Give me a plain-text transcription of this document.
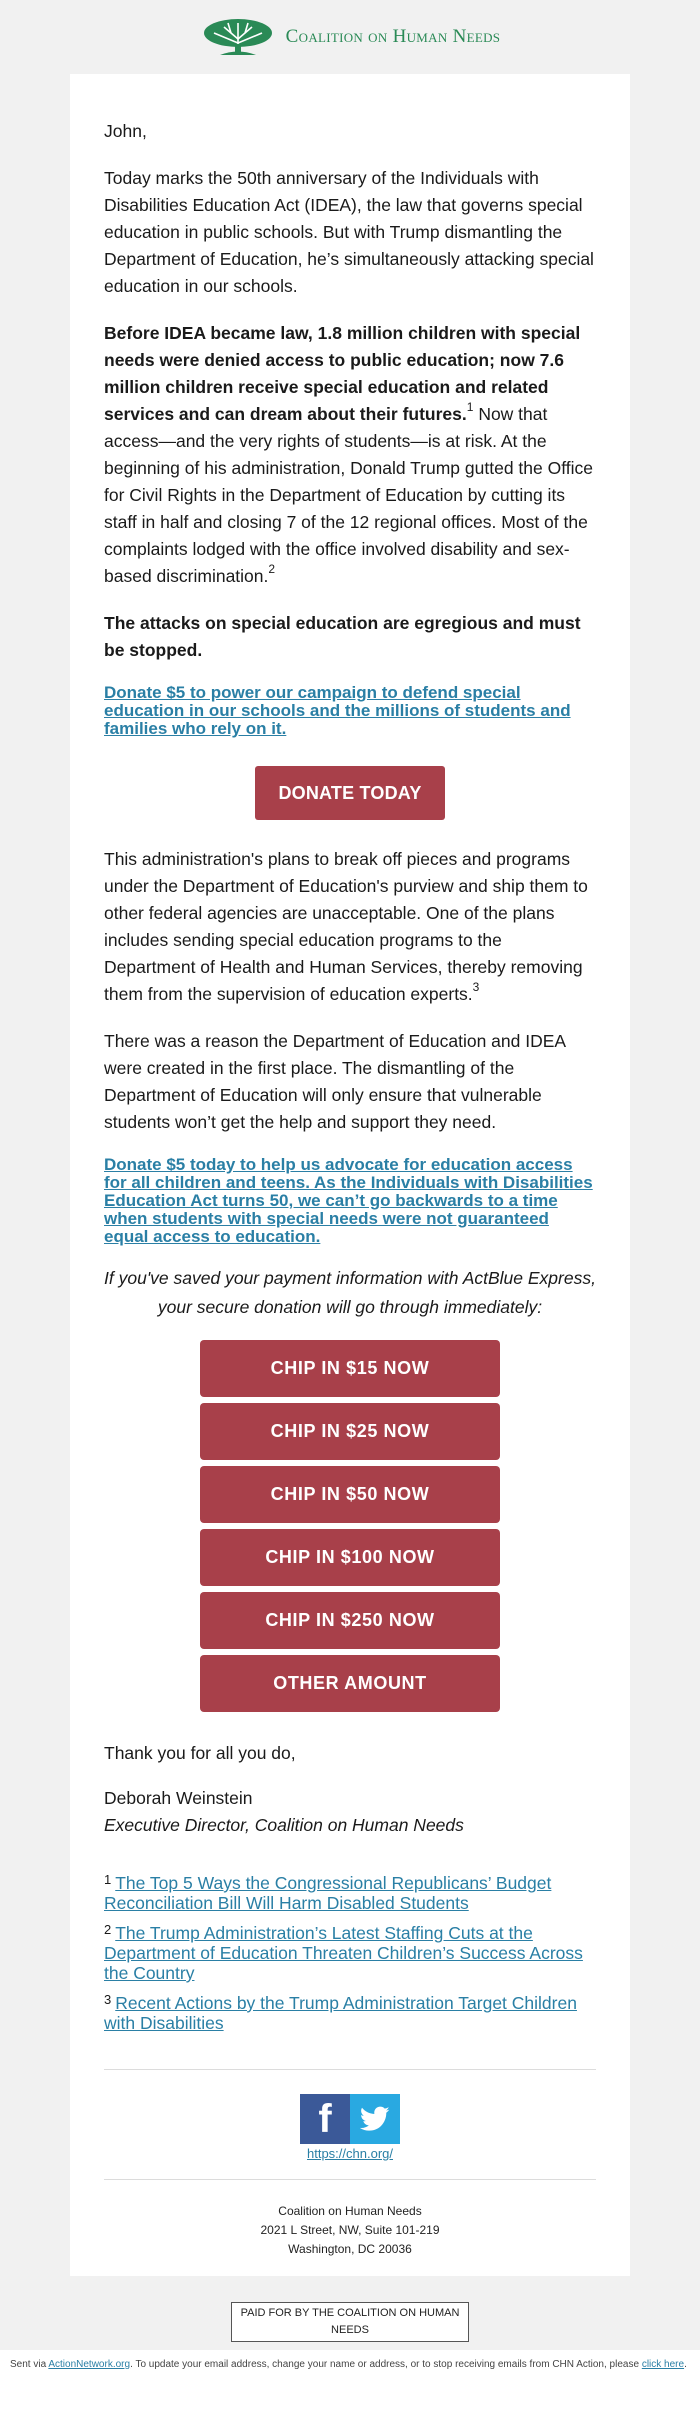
Coalition on Human Needs

John,

Today marks the 50th anniversary of the Individuals with Disabilities Education Act (IDEA), the law that governs special education in public schools. But with Trump dismantling the Department of Education, he’s simultaneously attacking special education in our schools.

Before IDEA became law, 1.8 million children with special needs were denied access to public education; now 7.6 million children receive special education and related services and can dream about their futures.$^1$ Now that access—and the very rights of students—is at risk. At the beginning of his administration, Donald Trump gutted the Office for Civil Rights in the Department of Education by cutting its staff in half and closing 7 of the 12 regional offices. Most of the complaints lodged with the office involved disability and sex-based discrimination.$^2$

The attacks on special education are egregious and must be stopped.

Donate $5 to power our campaign to defend special education in our schools and the millions of students and families who rely on it.
DONATE TODAY

This administration's plans to break off pieces and programs under the Department of Education's purview and ship them to other federal agencies are unacceptable. One of the plans includes sending special education programs to the Department of Health and Human Services, thereby removing them from the supervision of education experts.$^3$

There was a reason the Department of Education and IDEA were created in the first place. The dismantling of the Department of Education will only ensure that vulnerable students won’t get the help and support they need.

Donate $5 today to help us advocate for education access for all children and teens. As the Individuals with Disabilities Education Act turns 50, we can’t go backwards to a time when students with special needs were not guaranteed equal access to education.

If you've saved your payment information with ActBlue Express, your secure donation will go through immediately:

CHIP IN $15 NOW
CHIP IN $25 NOW
CHIP IN $50 NOW
CHIP IN $100 NOW
CHIP IN $250 NOW
OTHER AMOUNT

Thank you for all you do,

Deborah Weinstein

Executive Director, Coalition on Human Needs

$^1$ The Top 5 Ways the Congressional Republicans’ Budget Reconciliation Bill Will Harm Disabled Students
$^2$ The Trump Administration’s Latest Staffing Cuts at the Department of Education Threaten Children’s Success Across the Country
$^3$ Recent Actions by the Trump Administration Target Children with Disabilities
f
https://chn.org/
Coalition on Human Needs
2021 L Street, NW, Suite 101-219
Washington, DC 20036
PAID FOR BY THE COALITION ON HUMAN NEEDS
Sent via ActionNetwork.org. To update your email address, change your name or address, or to stop receiving emails from CHN Action, please click here.
